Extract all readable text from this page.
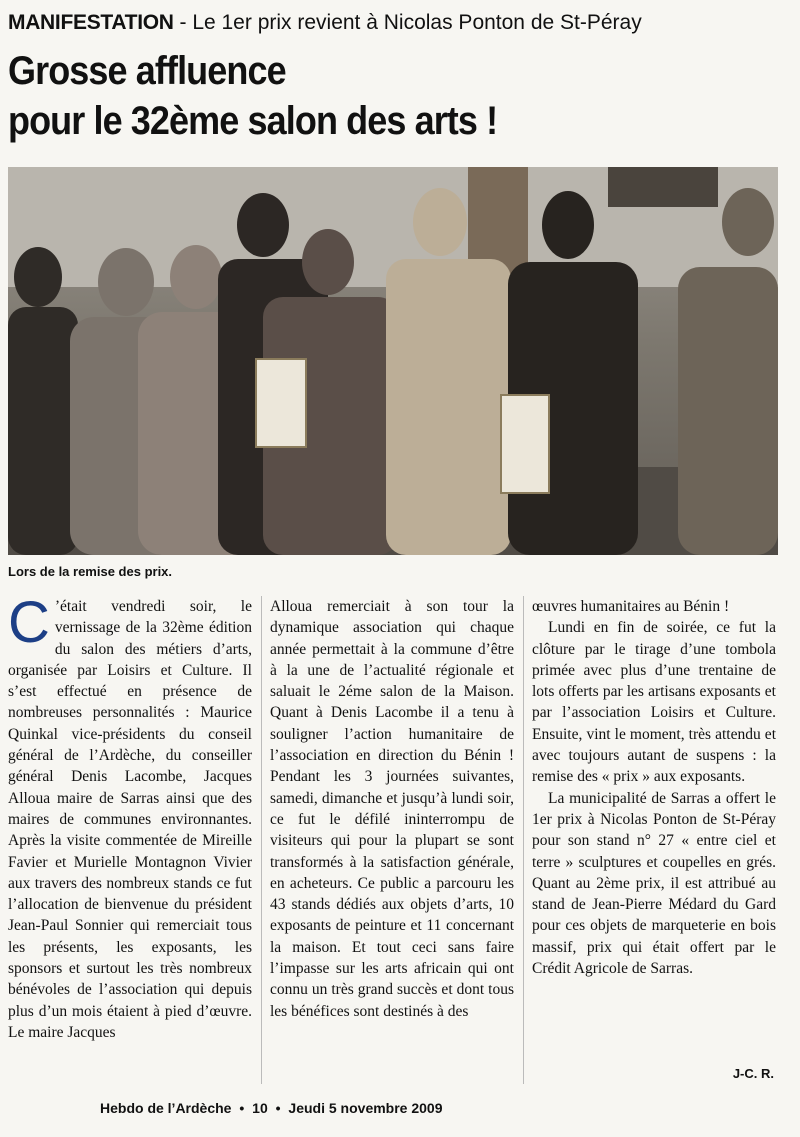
MANIFESTATION - Le 1er prix revient à Nicolas Ponton de St-Péray
Grosse affluence
pour le 32ème salon des arts !
Lors de la remise des prix.

C ’était vendredi soir, le vernissage de la 32ème édition du salon des métiers d’arts, organisée par Loisirs et Culture. Il s’est effectué en présence de nombreuses personnalités : Maurice Quinkal vice-présidents du conseil général de l’Ardèche, du conseiller général Denis Lacombe, Jacques Alloua maire de Sarras ainsi que des maires de communes environnantes. Après la visite commentée de Mireille Favier et Murielle Montagnon Vivier aux travers des nombreux stands ce fut l’allocation de bienvenue du président Jean-Paul Sonnier qui remerciait tous les présents, les exposants, les sponsors et surtout les très nombreux bénévoles de l’association qui depuis plus d’un mois étaient à pied d’œuvre. Le maire Jacques

Alloua remerciait à son tour la dynamique association qui chaque année permettait à la commune d’être à la une de l’actualité régionale et saluait le 2éme salon de la Maison. Quant à Denis Lacombe il a tenu à souligner l’action humanitaire de l’association en direction du Bénin ! Pendant les 3 journées suivantes, samedi, dimanche et jusqu’à lundi soir, ce fut le défilé ininterrompu de visiteurs qui pour la plupart se sont transformés à la satisfaction générale, en acheteurs. Ce public a parcouru les 43 stands dédiés aux objets d’arts, 10 exposants de peinture et 11 concernant la maison. Et tout ceci sans faire l’impasse sur les arts africain qui ont connu un très grand succès et dont tous les bénéfices sont destinés à des

œuvres humanitaires au Bénin !

Lundi en fin de soirée, ce fut la clôture par le tirage d’une tombola primée avec plus d’une trentaine de lots offerts par les artisans exposants et par l’association Loisirs et Culture. Ensuite, vint le moment, très attendu et avec toujours autant de suspens : la remise des « prix » aux exposants.

La municipalité de Sarras a offert le 1er prix à Nicolas Ponton de St-Péray pour son stand n° 27 « entre ciel et terre » sculptures et coupelles en grés. Quant au 2ème prix, il est attribué au stand de Jean-Pierre Médard du Gard pour ces objets de marqueterie en bois massif, prix qui était offert par le Crédit Agricole de Sarras.

J-C. R.
Hebdo de l’Ardèche • 10 • Jeudi 5 novembre 2009
